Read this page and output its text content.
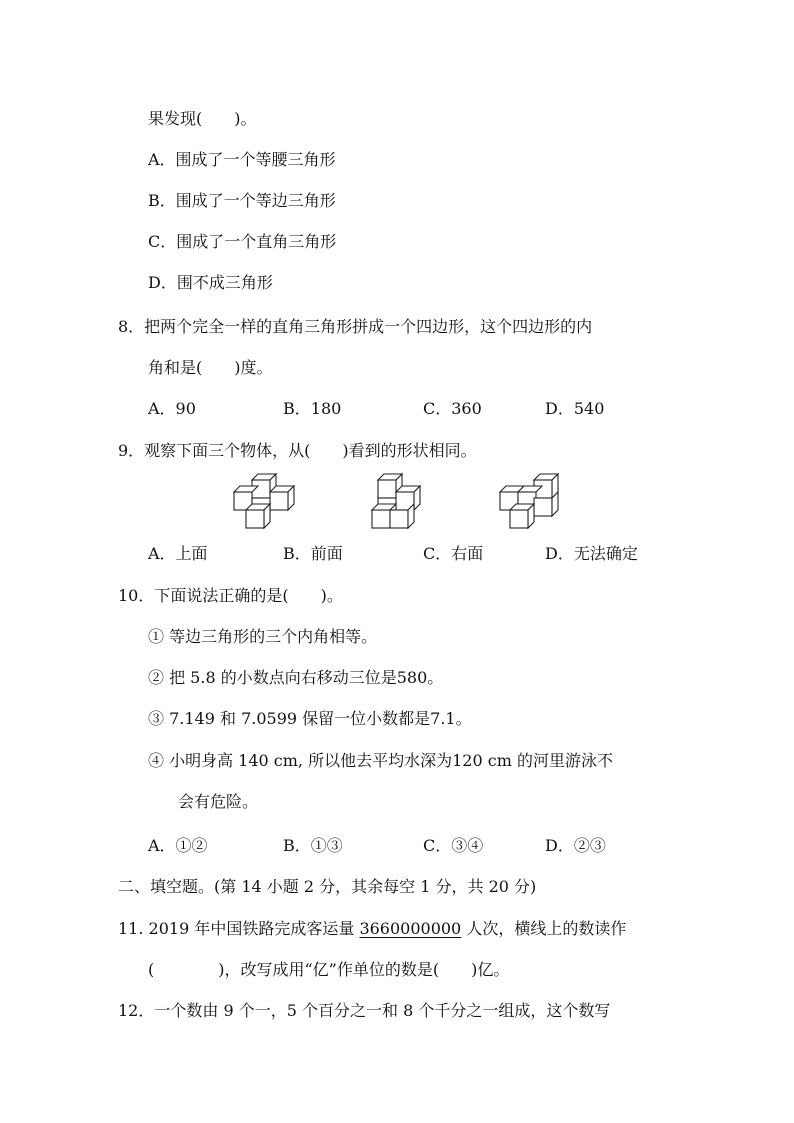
果发现(　　)。
A．围成了一个等腰三角形
B．围成了一个等边三角形
C．围成了一个直角三角形
D．围不成三角形
8．把两个完全一样的直角三角形拼成一个四边形，这个四边形的内
角和是(　　)度。
A．90	B．180	C．360	D．540
9．观察下面三个物体，从(　　)看到的形状相同。
A．上面	B．前面	C．右面	D．无法确定
10．下面说法正确的是(　　)。
① 等边三角形的三个内角相等。
② 把 5.8 的小数点向右移动三位是580。
③ 7.149 和 7.0599 保留一位小数都是7.1。
④ 小明身高 140 cm, 所以他去平均水深为120 cm 的河里游泳不
会有危险。
A．①②	B．①③	C．③④	D．②③
二、填空题。(第 14 小题 2 分，其余每空 1 分，共 20 分)
11. 2019 年中国铁路完成客运量 3660000000 人次，横线上的数读作
(　　　　)，改写成用“亿”作单位的数是(　　)亿。
12．一个数由 9 个一，5 个百分之一和 8 个千分之一组成，这个数写
